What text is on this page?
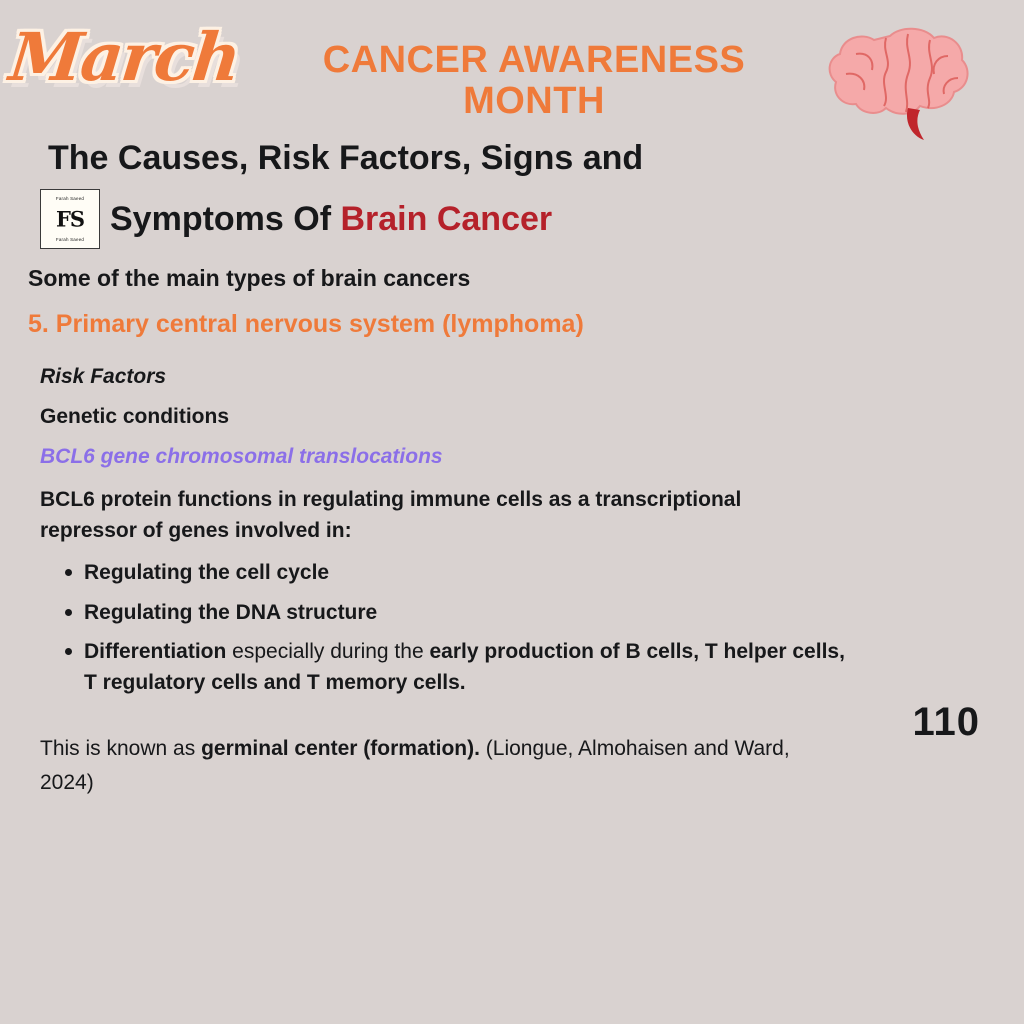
March	CANCER AWARENESS MONTH
The Causes, Risk Factors, Signs and
Farah Saeed
FS
Farah Saeed
Symptoms Of Brain Cancer
Some of the main types of brain cancers
5. Primary central nervous system (lymphoma)
Risk Factors
Genetic conditions
BCL6 gene chromosomal translocations
BCL6 protein functions in regulating immune cells as a transcriptional repressor of genes involved in:
Regulating the cell cycle
Regulating the DNA structure
Differentiation especially during the early production of B cells, T helper cells, T regulatory cells and T memory cells.
This is known as germinal center (formation). (Liongue, Almohaisen and Ward, 2024)
110
